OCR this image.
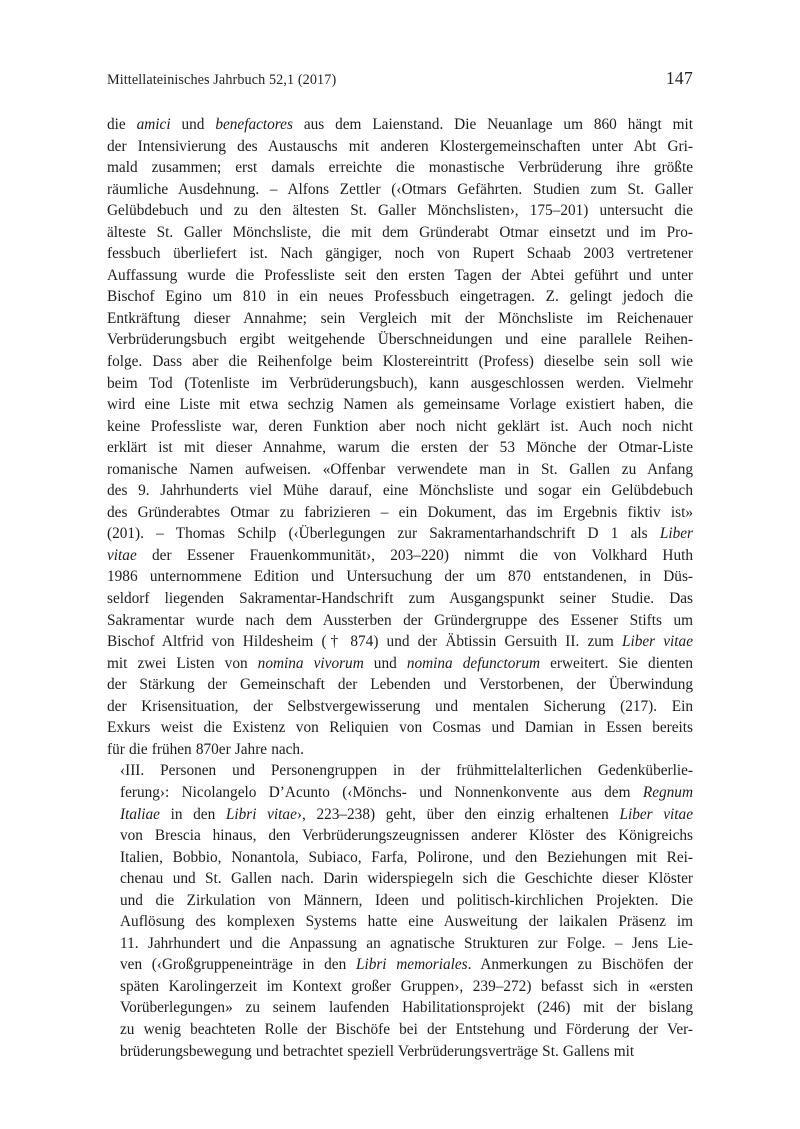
Mittellateinisches Jahrbuch 52,1 (2017)	147

die amici und benefactores aus dem Laienstand. Die Neuanlage um 860 hängt mit
der Intensivierung des Austauschs mit anderen Klostergemeinschaften unter Abt Gri-
mald zusammen; erst damals erreichte die monastische Verbrüderung ihre größte
räumliche Ausdehnung. – Alfons Zettler (‹Otmars Gefährten. Studien zum St. Galler
Gelübdebuch und zu den ältesten St. Galler Mönchslisten›, 175–201) untersucht die
älteste St. Galler Mönchsliste, die mit dem Gründerabt Otmar einsetzt und im Pro-
fessbuch überliefert ist. Nach gängiger, noch von Rupert Schaab 2003 vertretener
Auffassung wurde die Professliste seit den ersten Tagen der Abtei geführt und unter
Bischof Egino um 810 in ein neues Professbuch eingetragen. Z. gelingt jedoch die
Entkräftung dieser Annahme; sein Vergleich mit der Mönchsliste im Reichenauer
Verbrüderungsbuch ergibt weitgehende Überschneidungen und eine parallele Reihen-
folge. Dass aber die Reihenfolge beim Klostereintritt (Profess) dieselbe sein soll wie
beim Tod (Totenliste im Verbrüderungsbuch), kann ausgeschlossen werden. Vielmehr
wird eine Liste mit etwa sechzig Namen als gemeinsame Vorlage existiert haben, die
keine Professliste war, deren Funktion aber noch nicht geklärt ist. Auch noch nicht
erklärt ist mit dieser Annahme, warum die ersten der 53 Mönche der Otmar-Liste
romanische Namen aufweisen. «Offenbar verwendete man in St. Gallen zu Anfang
des 9. Jahrhunderts viel Mühe darauf, eine Mönchsliste und sogar ein Gelübdebuch
des Gründerabtes Otmar zu fabrizieren – ein Dokument, das im Ergebnis fiktiv ist»
(201). – Thomas Schilp (‹Überlegungen zur Sakramentarhandschrift D 1 als Liber
vitae der Essener Frauenkommunität›, 203–220) nimmt die von Volkhard Huth
1986 unternommene Edition und Untersuchung der um 870 entstandenen, in Düs-
seldorf liegenden Sakramentar-Handschrift zum Ausgangspunkt seiner Studie. Das
Sakramentar wurde nach dem Aussterben der Gründergruppe des Essener Stifts um
Bischof Altfrid von Hildesheim († 874) und der Äbtissin Gersuith II. zum Liber vitae
mit zwei Listen von nomina vivorum und nomina defunctorum erweitert. Sie dienten
der Stärkung der Gemeinschaft der Lebenden und Verstorbenen, der Überwindung
der Krisensituation, der Selbstvergewisserung und mentalen Sicherung (217). Ein
Exkurs weist die Existenz von Reliquien von Cosmas und Damian in Essen bereits
für die frühen 870er Jahre nach.

‹III. Personen und Personengruppen in der frühmittelalterlichen Gedenküberlie-
ferung›: Nicolangelo D’Acunto (‹Mönchs- und Nonnenkonvente aus dem Regnum
Italiae in den Libri vitae›, 223–238) geht, über den einzig erhaltenen Liber vitae
von Brescia hinaus, den Verbrüderungszeugnissen anderer Klöster des Königreichs
Italien, Bobbio, Nonantola, Subiaco, Farfa, Polirone, und den Beziehungen mit Rei-
chenau und St. Gallen nach. Darin widerspiegeln sich die Geschichte dieser Klöster
und die Zirkulation von Männern, Ideen und politisch-kirchlichen Projekten. Die
Auflösung des komplexen Systems hatte eine Ausweitung der laikalen Präsenz im
11. Jahrhundert und die Anpassung an agnatische Strukturen zur Folge. – Jens Lie-
ven (‹Großgruppeneinträge in den Libri memoriales. Anmerkungen zu Bischöfen der
späten Karolingerzeit im Kontext großer Gruppen›, 239–272) befasst sich in «ersten
Vorüberlegungen» zu seinem laufenden Habilitationsprojekt (246) mit der bislang
zu wenig beachteten Rolle der Bischöfe bei der Entstehung und Förderung der Ver-
brüderungsbewegung und betrachtet speziell Verbrüderungsverträge St. Gallens mit
